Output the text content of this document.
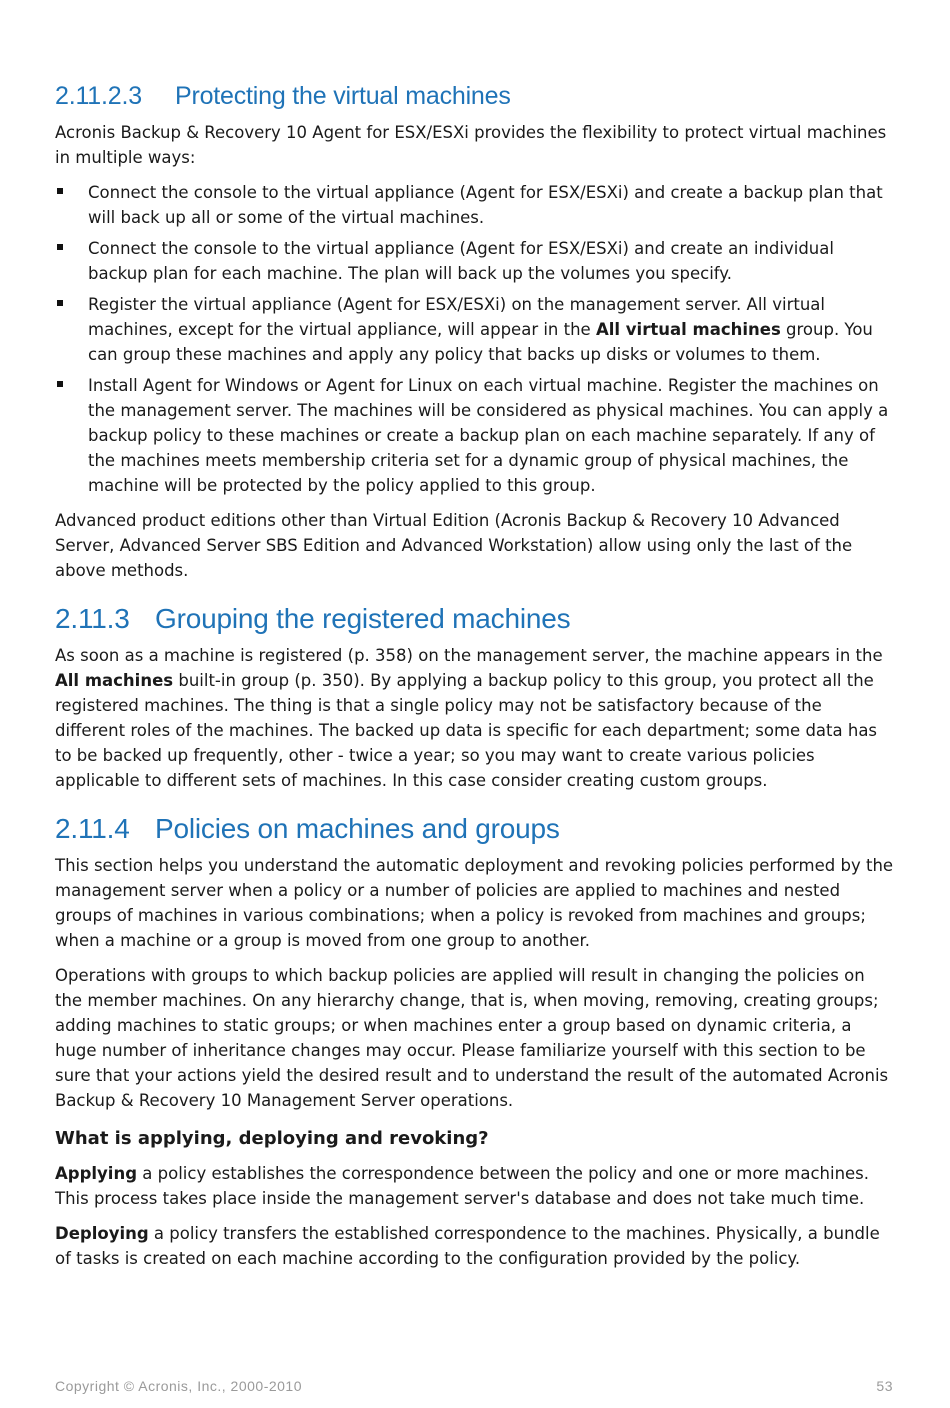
2.11.2.3 Protecting the virtual machines

Acronis Backup & Recovery 10 Agent for ESX/ESXi provides the flexibility to protect virtual machines in multiple ways:

Connect the console to the virtual appliance (Agent for ESX/ESXi) and create a backup plan that will back up all or some of the virtual machines.
Connect the console to the virtual appliance (Agent for ESX/ESXi) and create an individual backup plan for each machine. The plan will back up the volumes you specify.
Register the virtual appliance (Agent for ESX/ESXi) on the management server. All virtual machines, except for the virtual appliance, will appear in the All virtual machines group. You can group these machines and apply any policy that backs up disks or volumes to them.
Install Agent for Windows or Agent for Linux on each virtual machine. Register the machines on the management server. The machines will be considered as physical machines. You can apply a backup policy to these machines or create a backup plan on each machine separately. If any of the machines meets membership criteria set for a dynamic group of physical machines, the machine will be protected by the policy applied to this group.

Advanced product editions other than Virtual Edition (Acronis Backup & Recovery 10 Advanced Server, Advanced Server SBS Edition and Advanced Workstation) allow using only the last of the above methods.

2.11.3 Grouping the registered machines

As soon as a machine is registered (p. 358) on the management server, the machine appears in the All machines built-in group (p. 350). By applying a backup policy to this group, you protect all the registered machines. The thing is that a single policy may not be satisfactory because of the different roles of the machines. The backed up data is specific for each department; some data has to be backed up frequently, other - twice a year; so you may want to create various policies applicable to different sets of machines. In this case consider creating custom groups.

2.11.4 Policies on machines and groups

This section helps you understand the automatic deployment and revoking policies performed by the management server when a policy or a number of policies are applied to machines and nested groups of machines in various combinations; when a policy is revoked from machines and groups; when a machine or a group is moved from one group to another.

Operations with groups to which backup policies are applied will result in changing the policies on the member machines. On any hierarchy change, that is, when moving, removing, creating groups; adding machines to static groups; or when machines enter a group based on dynamic criteria, a huge number of inheritance changes may occur. Please familiarize yourself with this section to be sure that your actions yield the desired result and to understand the result of the automated Acronis Backup & Recovery 10 Management Server operations.

What is applying, deploying and revoking?

Applying a policy establishes the correspondence between the policy and one or more machines. This process takes place inside the management server's database and does not take much time.

Deploying a policy transfers the established correspondence to the machines. Physically, a bundle of tasks is created on each machine according to the configuration provided by the policy.

Copyright © Acronis, Inc., 2000-2010	53
